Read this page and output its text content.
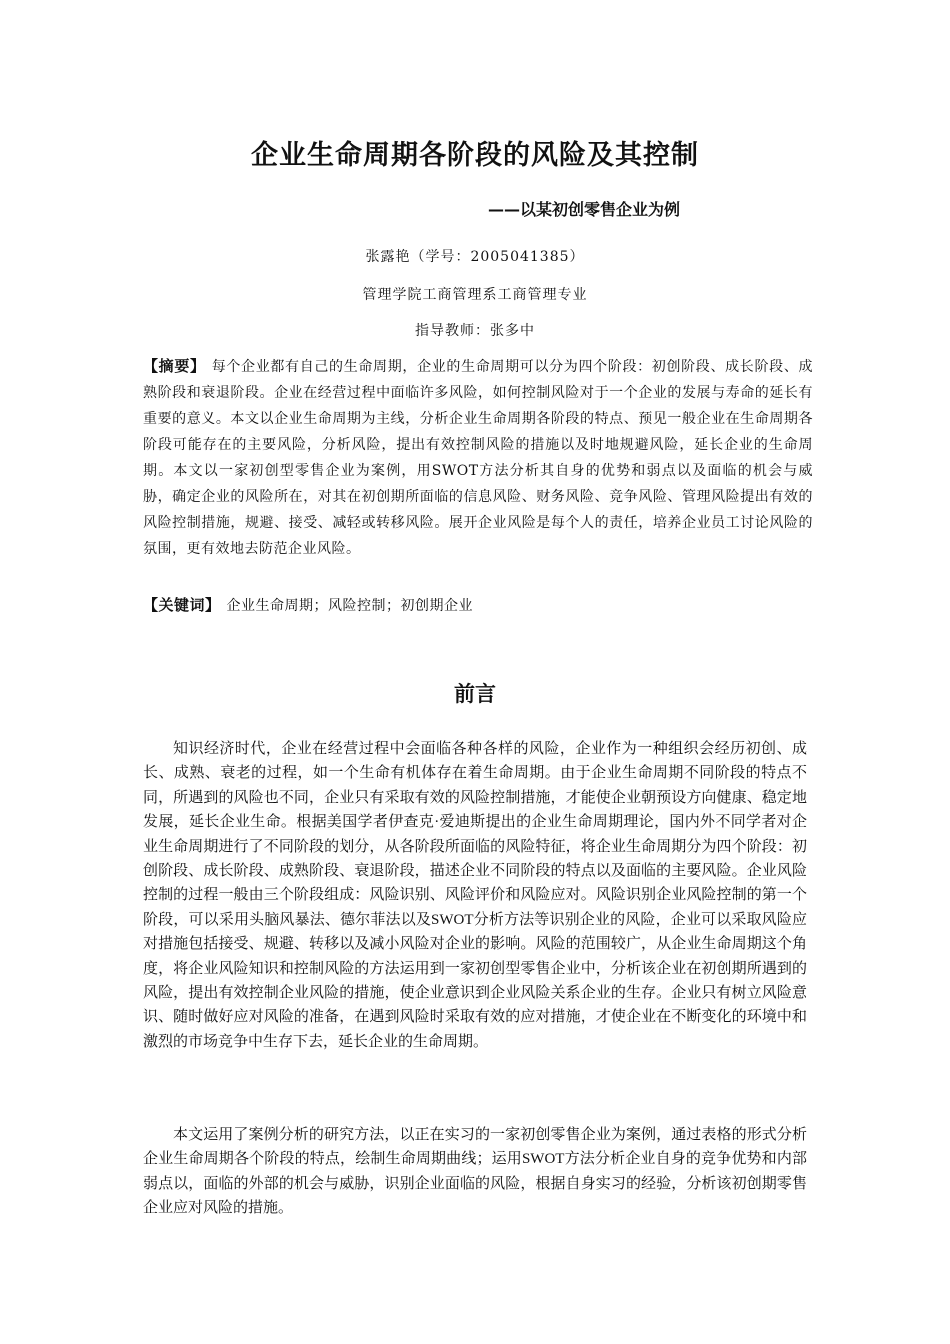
企业生命周期各阶段的风险及其控制
——以某初创零售企业为例
张露艳（学号：2005041385）
管理学院工商管理系工商管理专业
指导教师：张多中

【摘要】 每个企业都有自己的生命周期，企业的生命周期可以分为四个阶段：初创阶段、成长阶段、成熟阶段和衰退阶段。企业在经营过程中面临许多风险，如何控制风险对于一个企业的发展与寿命的延长有重要的意义。本文以企业生命周期为主线，分析企业生命周期各阶段的特点、预见一般企业在生命周期各阶段可能存在的主要风险，分析风险，提出有效控制风险的措施以及时地规避风险，延长企业的生命周期。本文以一家初创型零售企业为案例，用SWOT方法分析其自身的优势和弱点以及面临的机会与威胁，确定企业的风险所在，对其在初创期所面临的信息风险、财务风险、竞争风险、管理风险提出有效的风险控制措施，规避、接受、减轻或转移风险。展开企业风险是每个人的责任，培养企业员工讨论风险的氛围，更有效地去防范企业风险。

【关键词】 企业生命周期；风险控制；初创期企业

前言

知识经济时代，企业在经营过程中会面临各种各样的风险，企业作为一种组织会经历初创、成长、成熟、衰老的过程，如一个生命有机体存在着生命周期。由于企业生命周期不同阶段的特点不同，所遇到的风险也不同，企业只有采取有效的风险控制措施，才能使企业朝预设方向健康、稳定地发展，延长企业生命。根据美国学者伊查克·爱迪斯提出的企业生命周期理论，国内外不同学者对企业生命周期进行了不同阶段的划分，从各阶段所面临的风险特征，将企业生命周期分为四个阶段：初创阶段、成长阶段、成熟阶段、衰退阶段，描述企业不同阶段的特点以及面临的主要风险。企业风险控制的过程一般由三个阶段组成：风险识别、风险评价和风险应对。风险识别企业风险控制的第一个阶段，可以采用头脑风暴法、德尔菲法以及SWOT分析方法等识别企业的风险，企业可以采取风险应对措施包括接受、规避、转移以及减小风险对企业的影响。风险的范围较广，从企业生命周期这个角度，将企业风险知识和控制风险的方法运用到一家初创型零售企业中，分析该企业在初创期所遇到的风险，提出有效控制企业风险的措施，使企业意识到企业风险关系企业的生存。企业只有树立风险意识、随时做好应对风险的准备，在遇到风险时采取有效的应对措施，才使企业在不断变化的环境中和激烈的市场竞争中生存下去，延长企业的生命周期。

本文运用了案例分析的研究方法，以正在实习的一家初创零售企业为案例，通过表格的形式分析企业生命周期各个阶段的特点，绘制生命周期曲线；运用SWOT方法分析企业自身的竞争优势和内部弱点以，面临的外部的机会与威胁，识别企业面临的风险，根据自身实习的经验，分析该初创期零售企业应对风险的措施。
